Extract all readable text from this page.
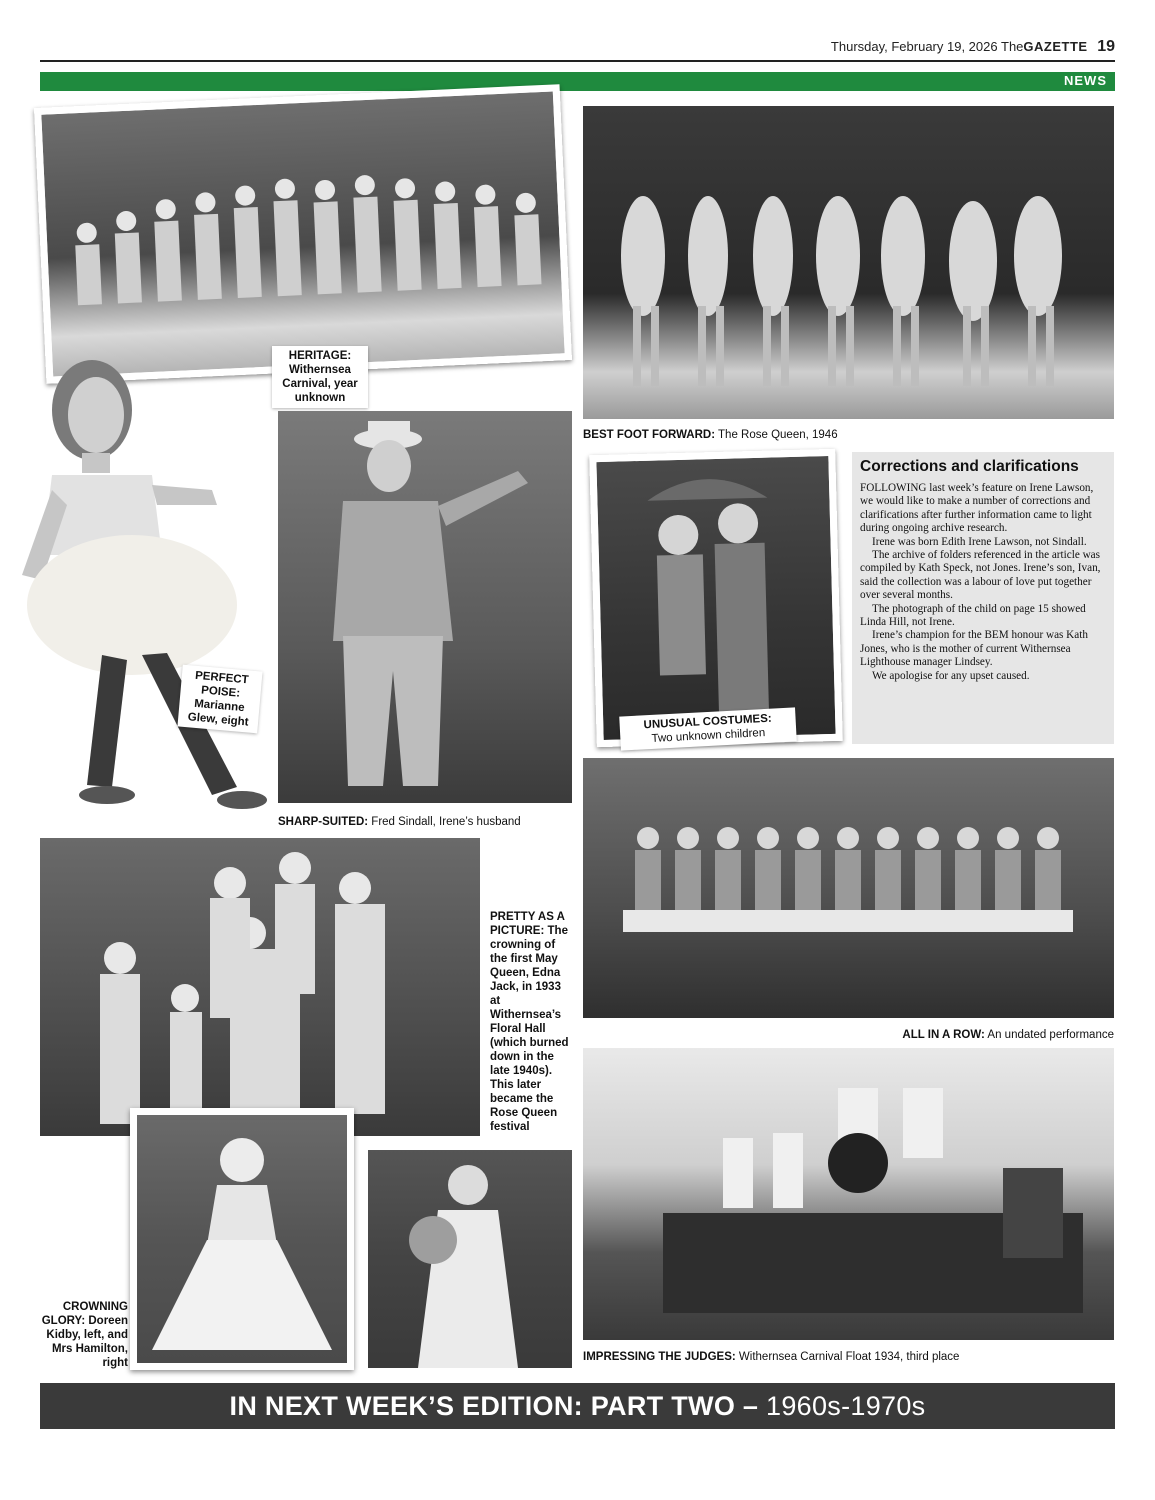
Thursday, February 19, 2026 TheGAZETTE 19
NEWS
HERITAGE: Withernsea Carnival, year unknown
BEST FOOT FORWARD: The Rose Queen, 1946
PERFECT POISE: Marianne Glew, eight
SHARP-SUITED: Fred Sindall, Irene’s husband
UNUSUAL COSTUMES:
Two unknown children
Corrections and clarifications

FOLLOWING last week’s feature on Irene Lawson, we would like to make a number of corrections and clarifications after further information came to light during ongoing archive research.

Irene was born Edith Irene Lawson, not Sindall.

The archive of folders referenced in the article was compiled by Kath Speck, not Jones. Irene’s son, Ivan, said the collection was a labour of love put together over several months.

The photograph of the child on page 15 showed Linda Hill, not Irene.

Irene’s champion for the BEM honour was Kath Jones, who is the mother of current Withernsea Lighthouse manager Lindsey.

We apologise for any upset caused.

ALL IN A ROW: An undated performance
PRETTY AS A PICTURE: The crowning of the first May Queen, Edna Jack, in 1933 at Withernsea’s Floral Hall (which burned down in the late 1940s). This later became the Rose Queen festival
CROWNING GLORY: Doreen Kidby, left, and Mrs Hamilton, right	IMPRESSING THE JUDGES: Withernsea Carnival Float 1934, third place
IN NEXT WEEK’S EDITION: PART TWO – 1960s-1970s
